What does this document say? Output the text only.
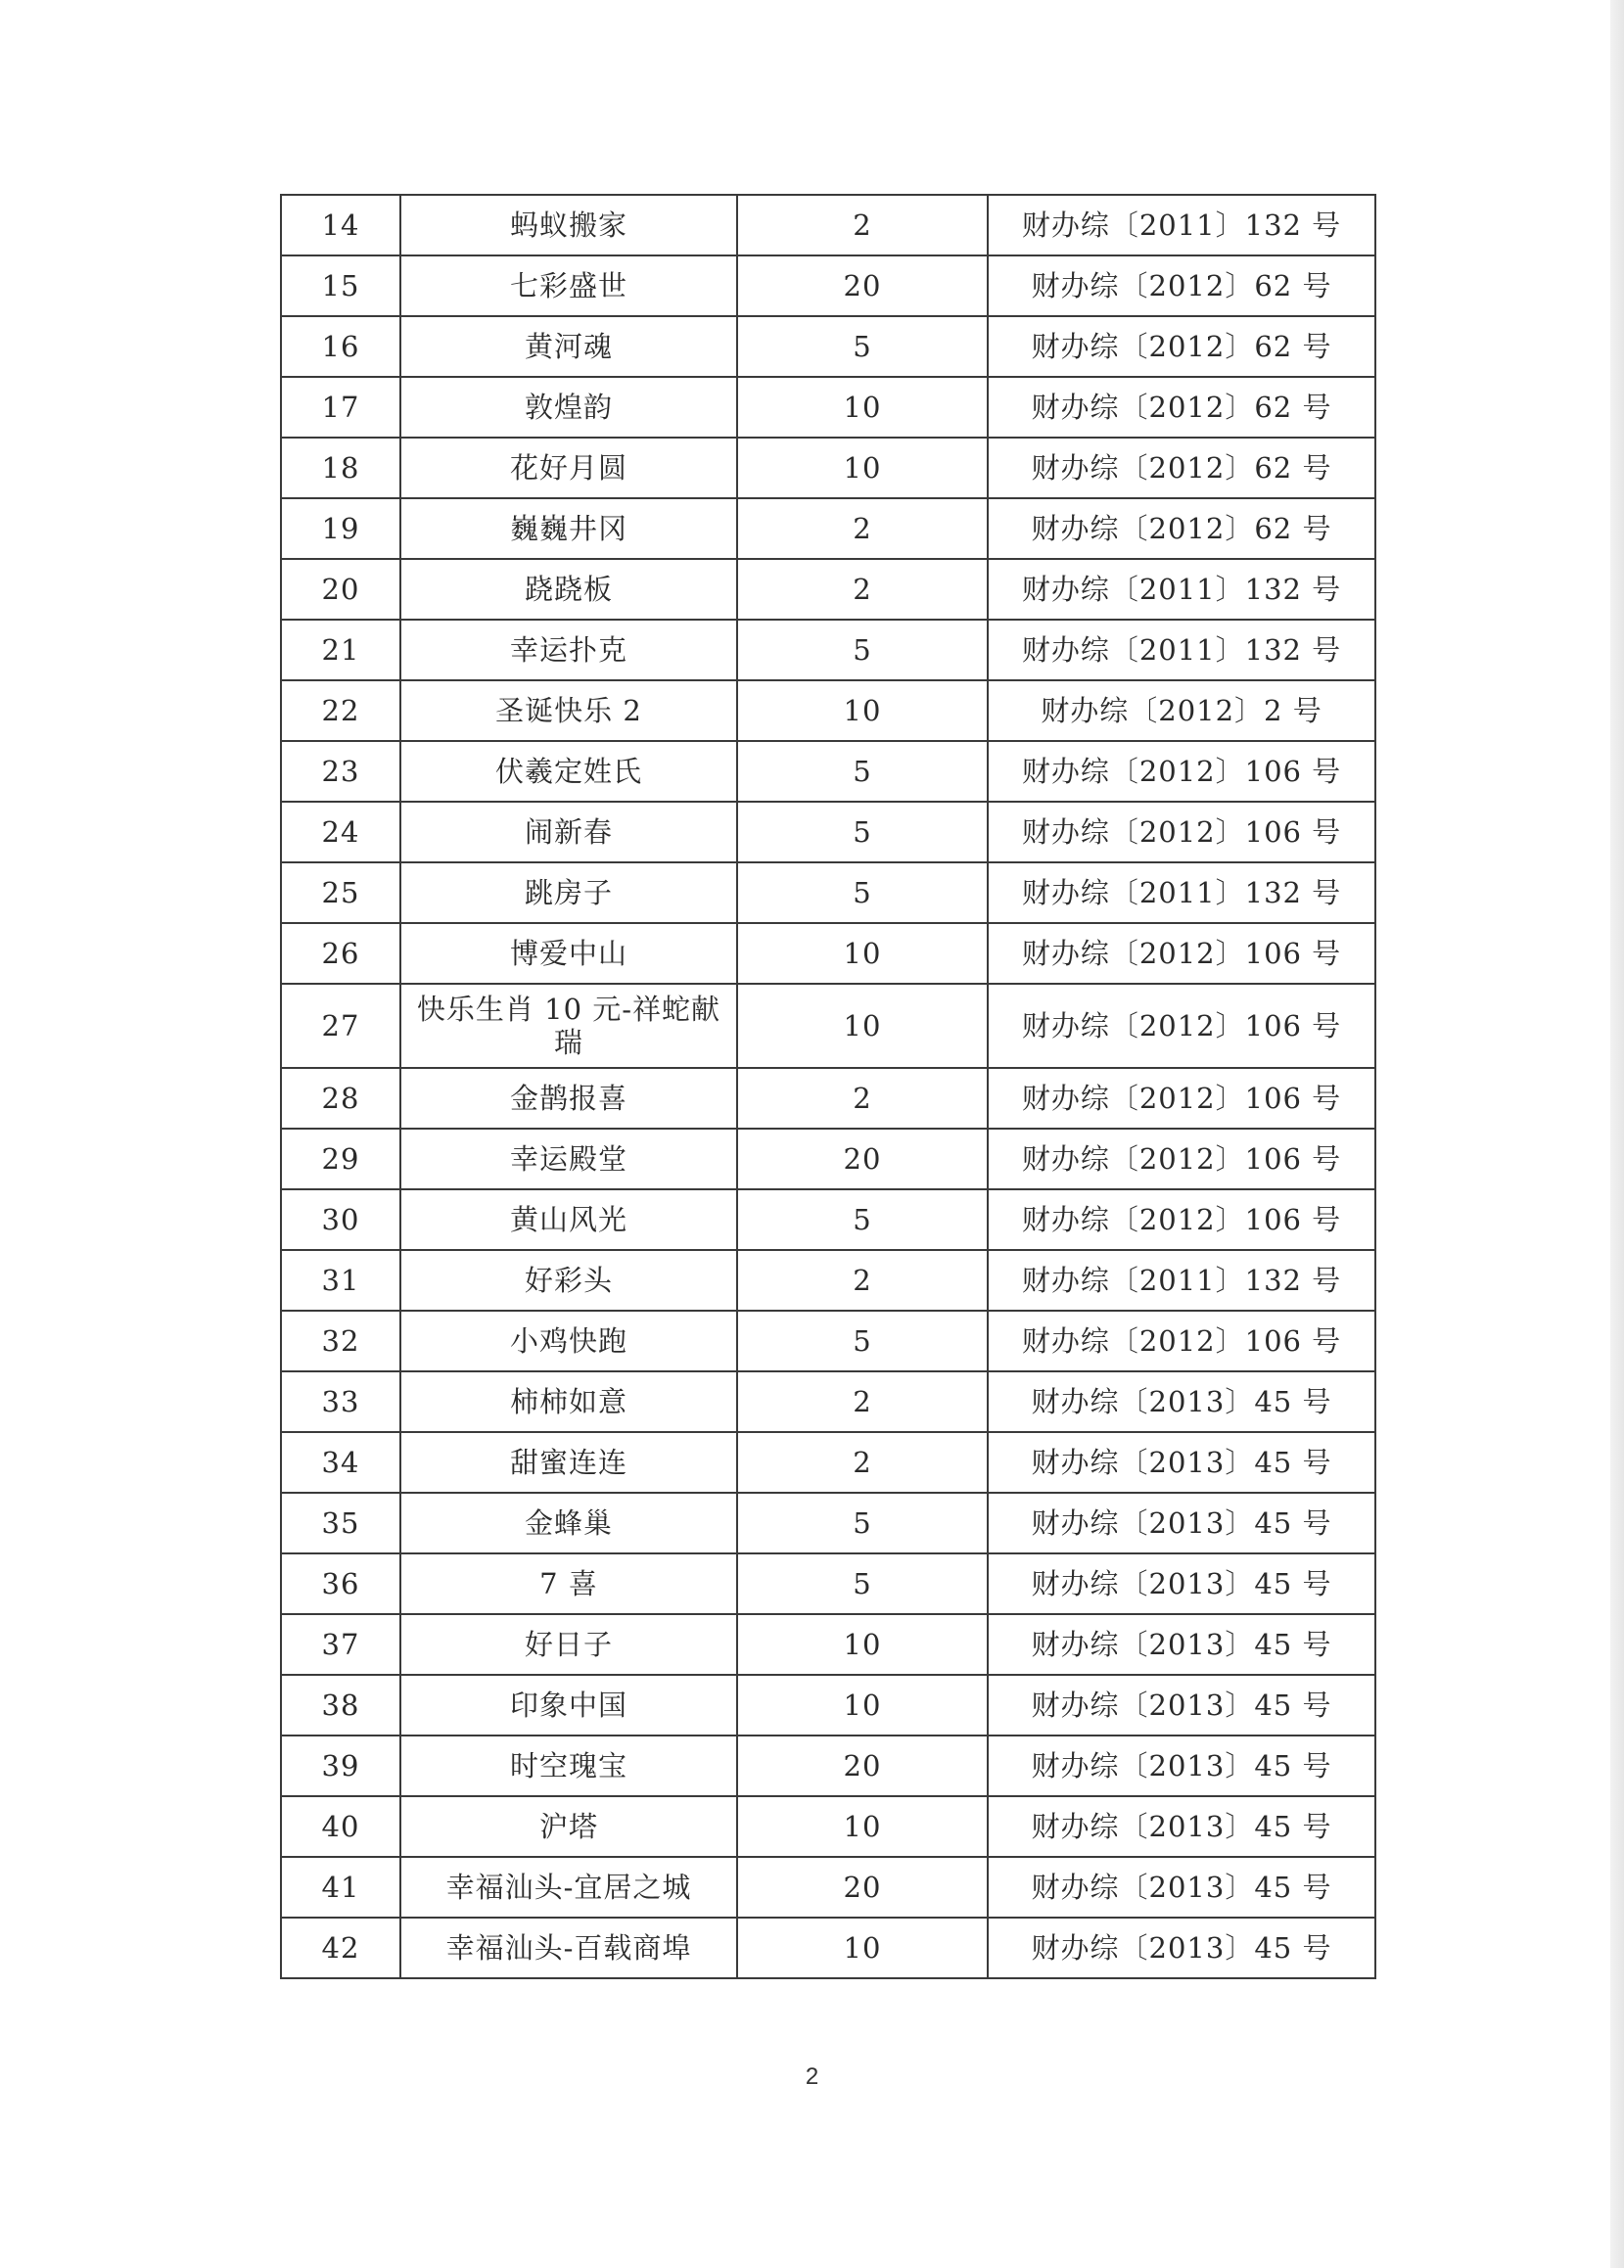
14	蚂蚁搬家	2	财办综〔2011〕132 号
15	七彩盛世	20	财办综〔2012〕62 号
16	黄河魂	5	财办综〔2012〕62 号
17	敦煌韵	10	财办综〔2012〕62 号
18	花好月圆	10	财办综〔2012〕62 号
19	巍巍井冈	2	财办综〔2012〕62 号
20	跷跷板	2	财办综〔2011〕132 号
21	幸运扑克	5	财办综〔2011〕132 号
22	圣诞快乐 2	10	财办综〔2012〕2 号
23	伏羲定姓氏	5	财办综〔2012〕106 号
24	闹新春	5	财办综〔2012〕106 号
25	跳房子	5	财办综〔2011〕132 号
26	博爱中山	10	财办综〔2012〕106 号
27	快乐生肖 10 元-祥蛇献瑞	10	财办综〔2012〕106 号
28	金鹊报喜	2	财办综〔2012〕106 号
29	幸运殿堂	20	财办综〔2012〕106 号
30	黄山风光	5	财办综〔2012〕106 号
31	好彩头	2	财办综〔2011〕132 号
32	小鸡快跑	5	财办综〔2012〕106 号
33	柿柿如意	2	财办综〔2013〕45 号
34	甜蜜连连	2	财办综〔2013〕45 号
35	金蜂巢	5	财办综〔2013〕45 号
36	7 喜	5	财办综〔2013〕45 号
37	好日子	10	财办综〔2013〕45 号
38	印象中国	10	财办综〔2013〕45 号
39	时空瑰宝	20	财办综〔2013〕45 号
40	沪塔	10	财办综〔2013〕45 号
41	幸福汕头-宜居之城	20	财办综〔2013〕45 号
42	幸福汕头-百载商埠	10	财办综〔2013〕45 号
2
